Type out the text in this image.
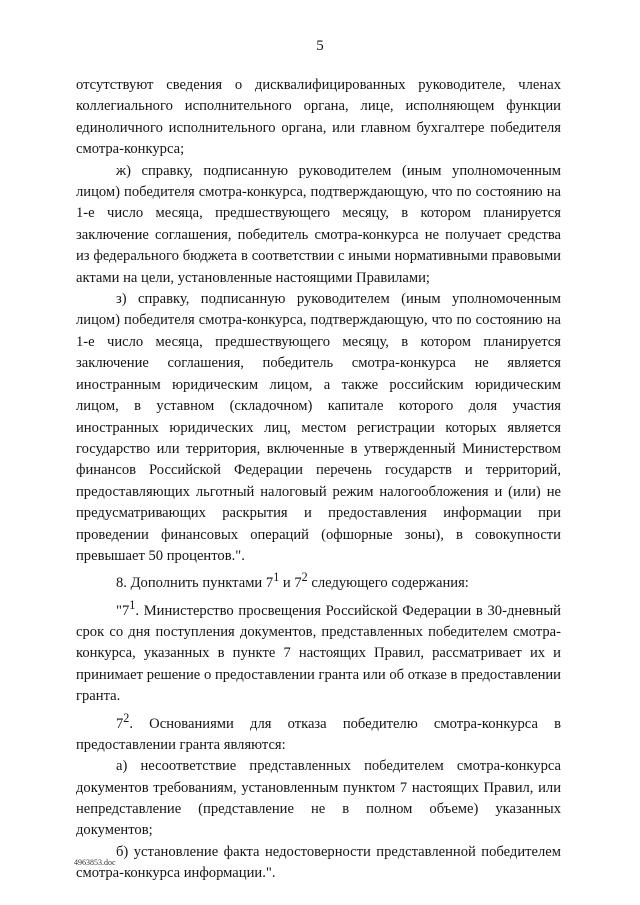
5

отсутствуют сведения о дисквалифицированных руководителе, членах коллегиального исполнительного органа, лице, исполняющем функции единоличного исполнительного органа, или главном бухгалтере победителя смотра-конкурса;

ж) справку, подписанную руководителем (иным уполномоченным лицом) победителя смотра-конкурса, подтверждающую, что по состоянию на 1-е число месяца, предшествующего месяцу, в котором планируется заключение соглашения, победитель смотра-конкурса не получает средства из федерального бюджета в соответствии с иными нормативными правовыми актами на цели, установленные настоящими Правилами;

з) справку, подписанную руководителем (иным уполномоченным лицом) победителя смотра-конкурса, подтверждающую, что по состоянию на 1-е число месяца, предшествующего месяцу, в котором планируется заключение соглашения, победитель смотра-конкурса не является иностранным юридическим лицом, а также российским юридическим лицом, в уставном (складочном) капитале которого доля участия иностранных юридических лиц, местом регистрации которых является государство или территория, включенные в утвержденный Министерством финансов Российской Федерации перечень государств и территорий, предоставляющих льготный налоговый режим налогообложения и (или) не предусматривающих раскрытия и предоставления информации при проведении финансовых операций (офшорные зоны), в совокупности превышает 50 процентов.".

8. Дополнить пунктами $7^1$ и $7^2$ следующего содержания:

"$7^1$. Министерство просвещения Российской Федерации в 30-дневный срок со дня поступления документов, представленных победителем смотра-конкурса, указанных в пункте 7 настоящих Правил, рассматривает их и принимает решение о предоставлении гранта или об отказе в предоставлении гранта.

$7^2$. Основаниями для отказа победителю смотра-конкурса в предоставлении гранта являются:

а) несоответствие представленных победителем смотра-конкурса документов требованиям, установленным пунктом 7 настоящих Правил, или непредставление (представление не в полном объеме) указанных документов;

б) установление факта недостоверности представленной победителем смотра-конкурса информации.".

4963853.doc
